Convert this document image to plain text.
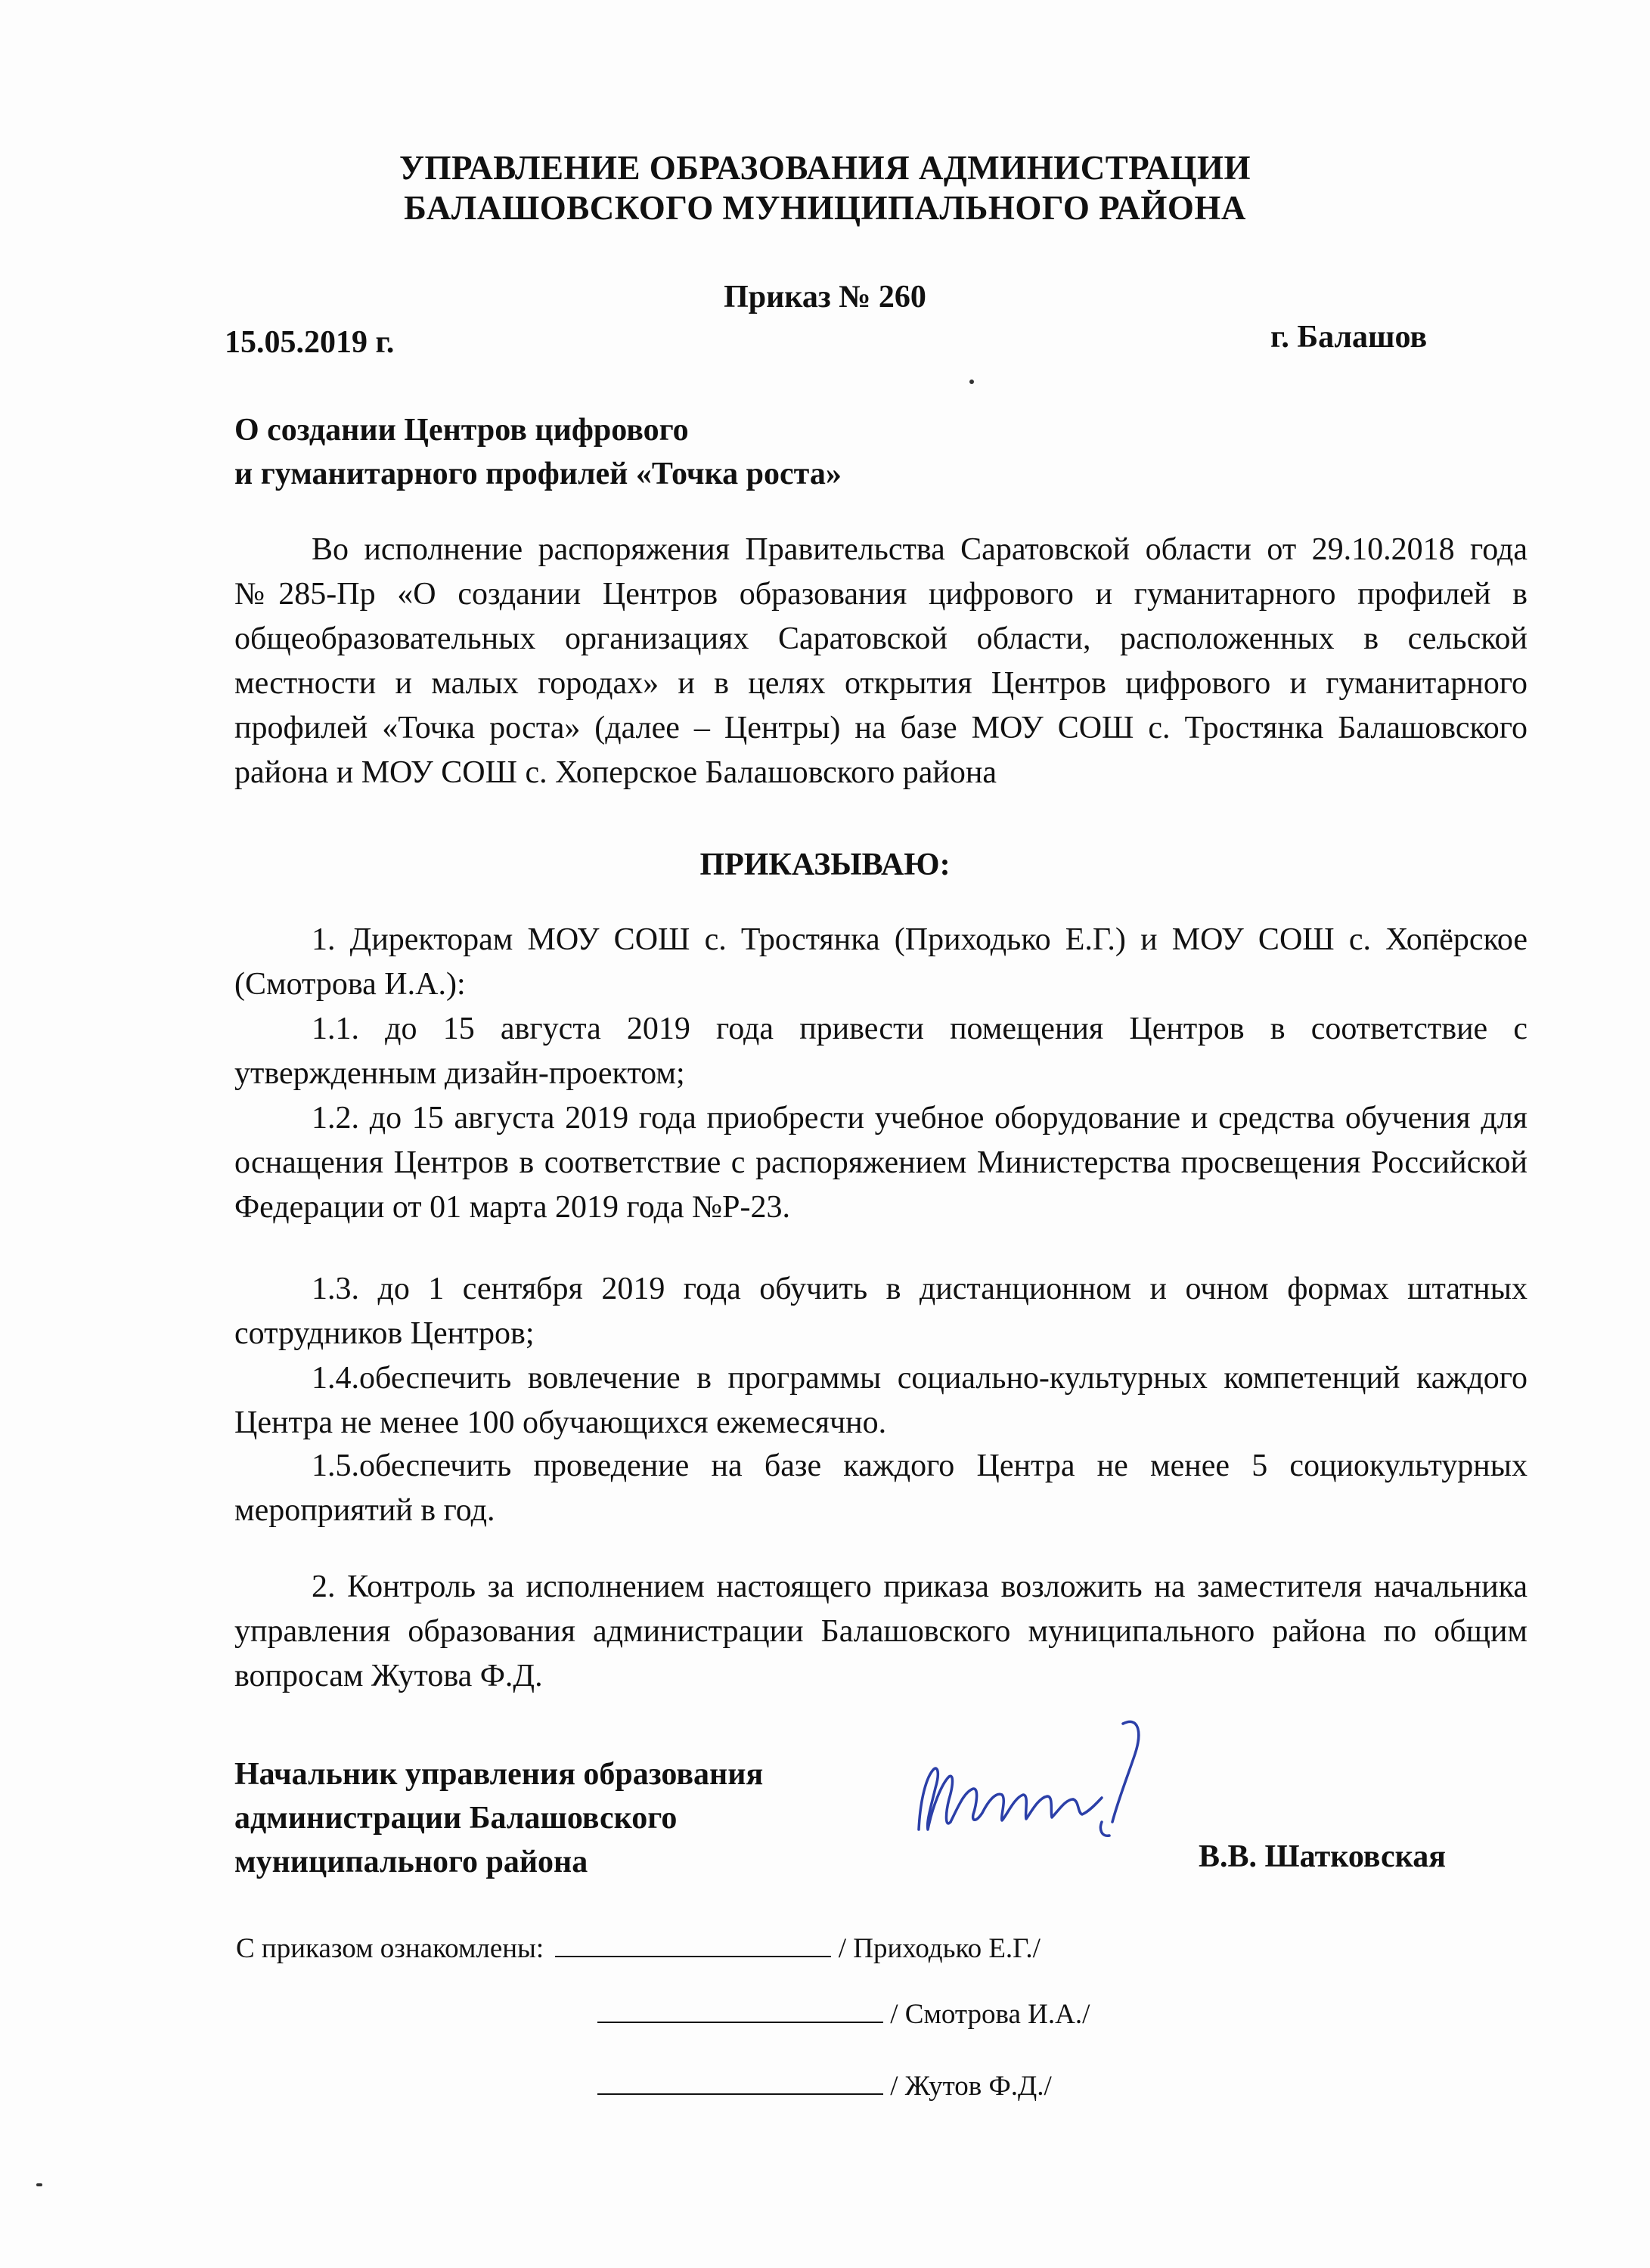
УПРАВЛЕНИЕ ОБРАЗОВАНИЯ АДМИНИСТРАЦИИ
БАЛАШОВСКОГО МУНИЦИПАЛЬНОГО РАЙОНА
Приказ № 260
15.05.2019 г.	г. Балашов
О создании Центров цифрового
и гуманитарного профилей «Точка роста»
Во исполнение распоряжения Правительства Саратовской области от 29.10.2018 года №285-Пр «О создании Центров образования цифрового и гуманитарного профилей в общеобразовательных организациях Саратовской области, расположенных в сельской местности и малых городах» и в целях открытия Центров цифрового и гуманитарного профилей «Точка роста» (далее – Центры) на базе МОУ СОШ с. Тростянка Балашовского района и МОУ СОШ с. Хоперское Балашовского района
ПРИКАЗЫВАЮ:
1. Директорам МОУ СОШ с. Тростянка (Приходько Е.Г.) и МОУ СОШ с. Хопёрское (Смотрова И.А.):
1.1. до 15 августа 2019 года привести помещения Центров в соответствие с утвержденным дизайн-проектом;
1.2. до 15 августа 2019 года приобрести учебное оборудование и средства обучения для оснащения Центров в соответствие с распоряжением Министерства просвещения Российской Федерации от 01 марта 2019 года №Р-23.
1.3. до 1 сентября 2019 года обучить в дистанционном и очном формах штатных сотрудников Центров;
1.4.обеспечить вовлечение в программы социально-культурных компетенций каждого Центра не менее 100 обучающихся ежемесячно.
1.5.обеспечить проведение на базе каждого Центра не менее 5 социокультурных мероприятий в год.
2. Контроль за исполнением настоящего приказа возложить на заместителя начальника управления образования администрации Балашовского муниципального района по общим вопросам Жутова Ф.Д.
Начальник управления образования
администрации Балашовского
муниципального района	В.В. Шатковская
С приказом ознакомлены:	/ Приходько Е.Г./
/ Смотрова И.А./
/ Жутов Ф.Д./
